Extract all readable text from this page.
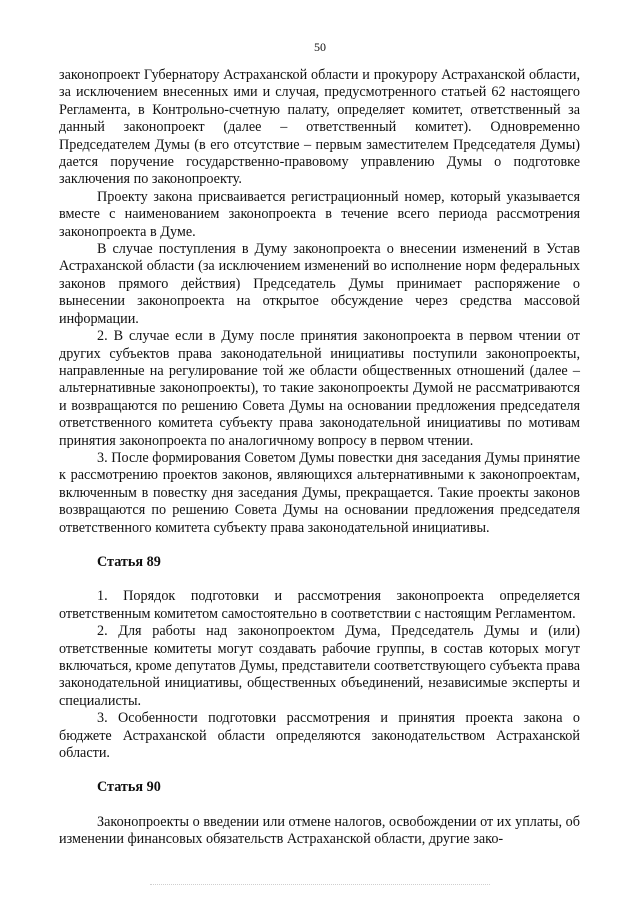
50

законопроект Губернатору Астраханской области и прокурору Астраханской области, за исключением внесенных ими и случая, предусмотренного статьей 62 настоящего Регламента, в Контрольно-счетную палату, определяет комитет, ответственный за данный законопроект (далее – ответственный комитет). Одновременно Председателем Думы (в его отсутствие – первым заместителем Председателя Думы) дается поручение государственно-правовому управлению Думы о подготовке заключения по законопроекту.

Проекту закона присваивается регистрационный номер, который указывается вместе с наименованием законопроекта в течение всего периода рассмотрения законопроекта в Думе.

В случае поступления в Думу законопроекта о внесении изменений в Устав Астраханской области (за исключением изменений во исполнение норм федеральных законов прямого действия) Председатель Думы принимает распоряжение о вынесении законопроекта на открытое обсуждение через средства массовой информации.

2. В случае если в Думу после принятия законопроекта в первом чтении от других субъектов права законодательной инициативы поступили законопроекты, направленные на регулирование той же области общественных отношений (далее – альтернативные законопроекты), то такие законопроекты Думой не рассматриваются и возвращаются по решению Совета Думы на основании предложения председателя ответственного комитета субъекту права законодательной инициативы по мотивам принятия законопроекта по аналогичному вопросу в первом чтении.

3. После формирования Советом Думы повестки дня заседания Думы принятие к рассмотрению проектов законов, являющихся альтернативными к законопроектам, включенным в повестку дня заседания Думы, прекращается. Такие проекты законов возвращаются по решению Совета Думы на основании предложения председателя ответственного комитета субъекту права законодательной инициативы.

Статья 89

1. Порядок подготовки и рассмотрения законопроекта определяется ответственным комитетом самостоятельно в соответствии с настоящим Регламентом.

2. Для работы над законопроектом Дума, Председатель Думы и (или) ответственные комитеты могут создавать рабочие группы, в состав которых могут включаться, кроме депутатов Думы, представители соответствующего субъекта права законодательной инициативы, общественных объединений, независимые эксперты и специалисты.

3. Особенности подготовки рассмотрения и принятия проекта закона о бюджете Астраханской области определяются законодательством Астраханской области.

Статья 90

Законопроекты о введении или отмене налогов, освобождении от их уплаты, об изменении финансовых обязательств Астраханской области, другие зако-
